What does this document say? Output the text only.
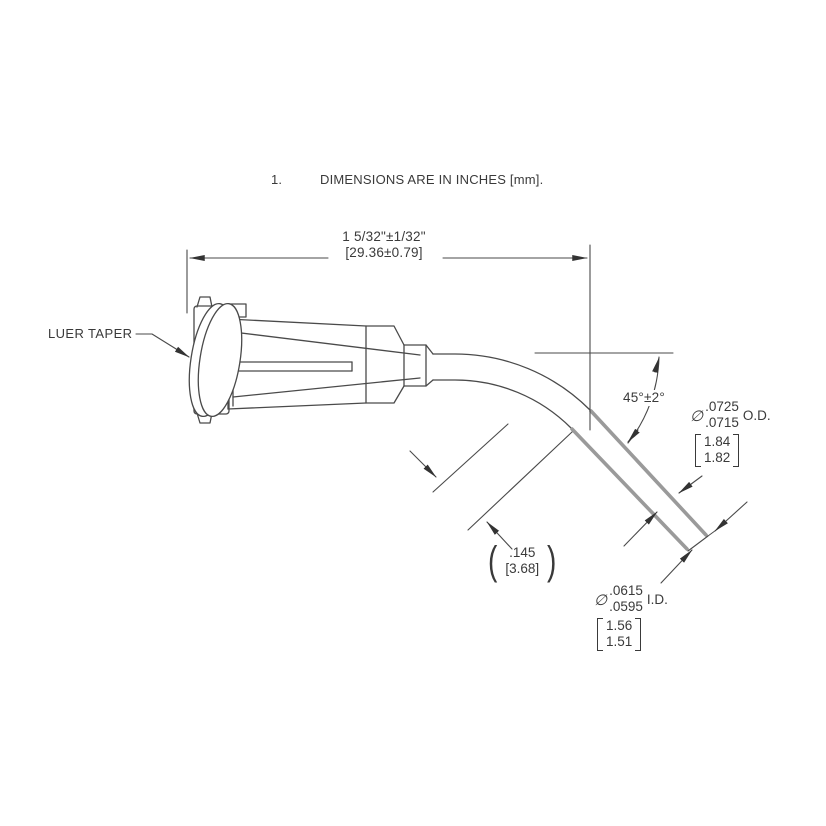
1.	DIMENSIONS ARE IN INCHES [mm].
1 5/32"±1/32"
[29.36±0.79]
LUER TAPER
45°±2°
∅
.0725
.0715 O.D.
1.84
1.82
∅
.0615
.0595 I.D.
1.56
1.51
( .145
[3.68] )
